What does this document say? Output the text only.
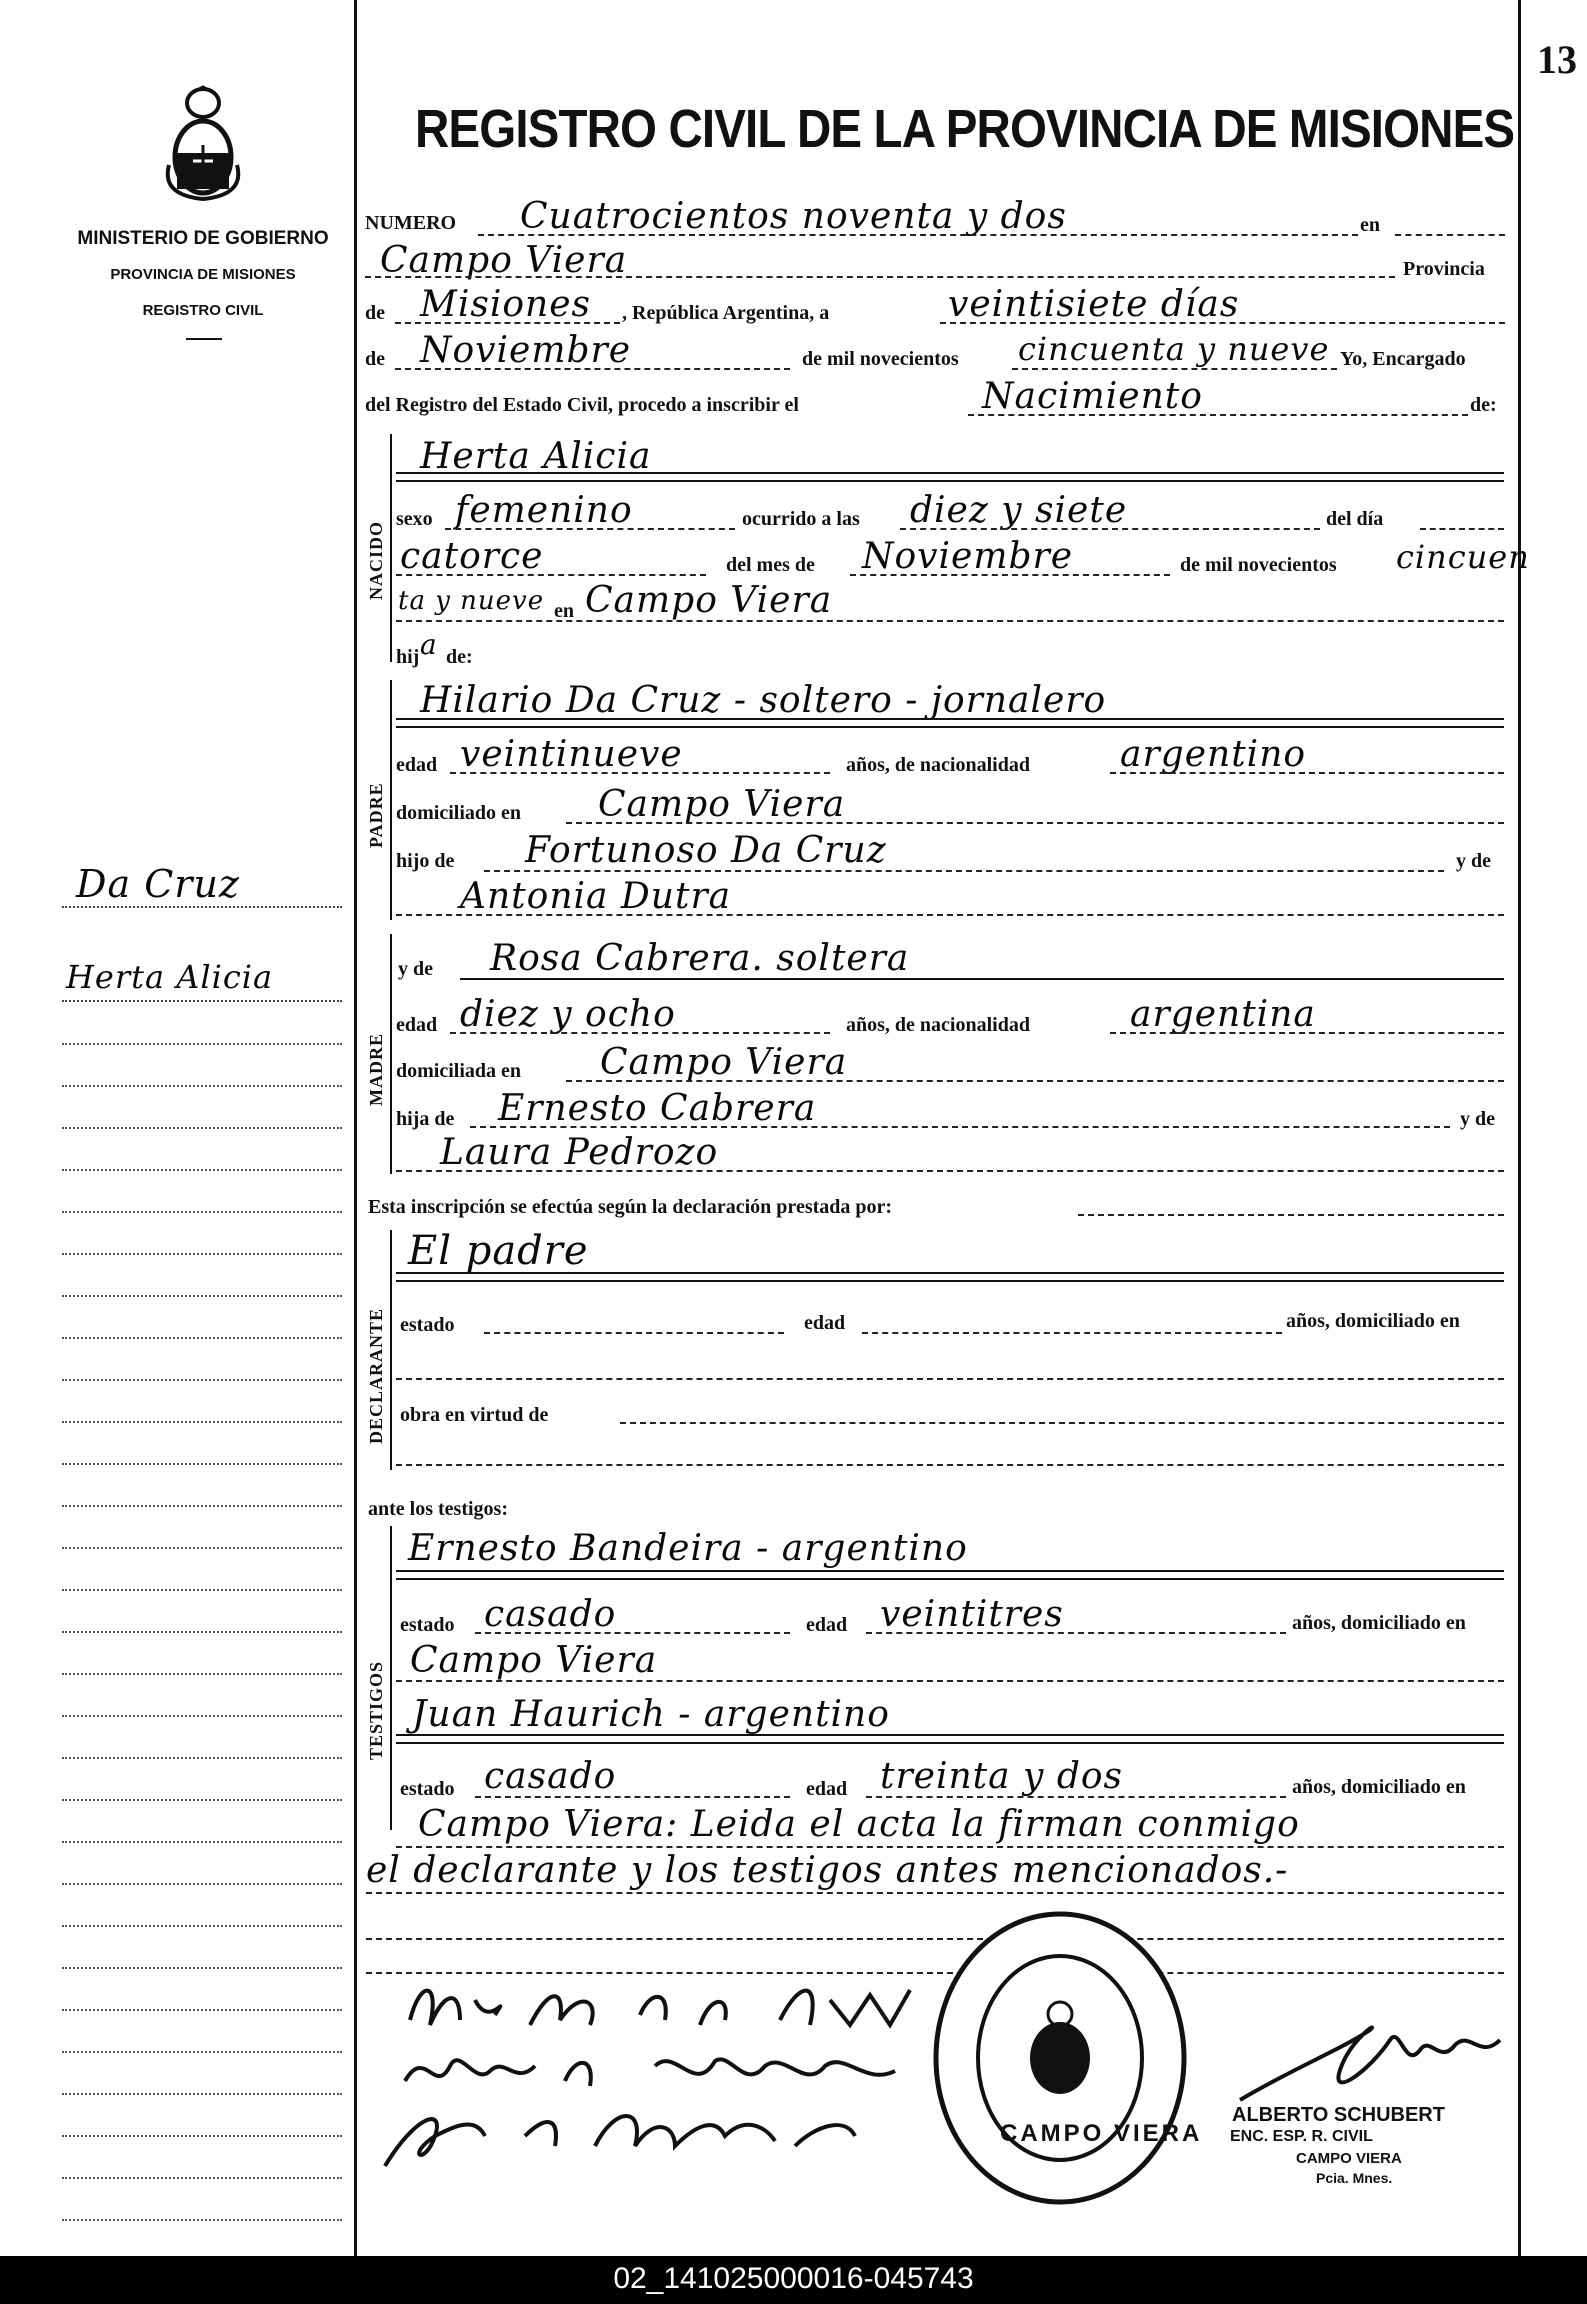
13
MINISTERIO DE GOBIERNO
PROVINCIA DE MISIONES
REGISTRO CIVIL
Da Cruz
Herta Alicia
REGISTRO CIVIL DE LA PROVINCIA DE MISIONES
NUMERO Cuatrocientos noventa y dos	en
Campo Viera	Provincia
de Misiones , República Argentina, a	veintisiete días
de Noviembre	de mil novecientos cincuenta y nueve Yo, Encargado
del Registro del Estado Civil, procedo a inscribir el	Nacimiento	de:
NACIDO
Herta Alicia
sexo femenino	ocurrido a las diez y siete	del día
catorce	del mes de Noviembre	de mil novecientos cincuen
ta y nueve en Campo Viera
hij a de:
PADRE
Hilario Da Cruz - soltero - jornalero
edad veintinueve	años, de nacionalidad	argentino
domiciliado en Campo Viera
hijo de Fortunoso Da Cruz	y de
Antonia Dutra
MADRE
y de Rosa Cabrera. soltera
edad diez y ocho	años, de nacionalidad	argentina
domiciliada en Campo Viera
hija de Ernesto Cabrera	y de
Laura Pedrozo
Esta inscripción se efectúa según la declaración prestada por:
DECLARANTE
El padre
estado	edad	años, domiciliado en
obra en virtud de
ante los testigos:
TESTIGOS
Ernesto Bandeira - argentino
estado casado	edad veintitres	años, domiciliado en
Campo Viera
Juan Haurich - argentino
estado casado	edad treinta y dos	años, domiciliado en
Campo Viera: Leida el acta la firman conmigo
el declarante y los testigos antes mencionados.-
CAMPO VIERA
ALBERTO SCHUBERT
ENC. ESP. R. CIVIL
CAMPO VIERA
Pcia. Mnes.
02_141025000016-045743
